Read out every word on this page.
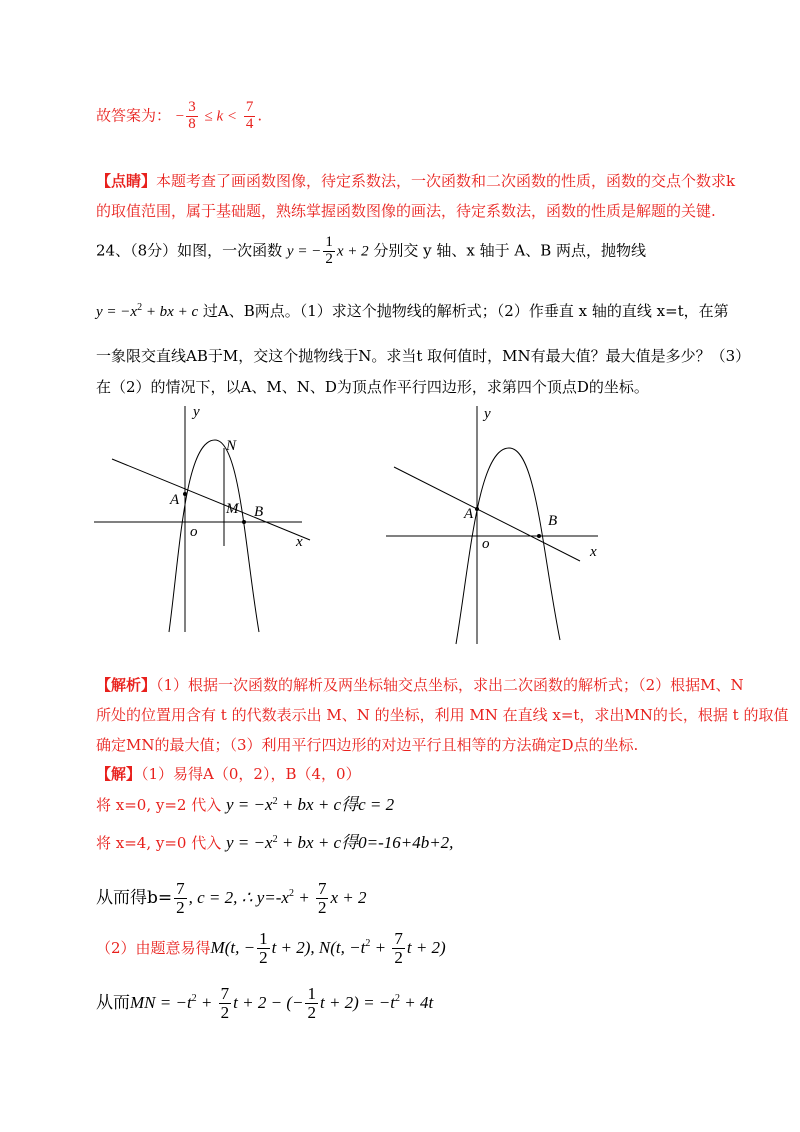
故答案为： − $\frac{3}{8} \le k < \frac{7}{4}$ .
【点睛】本题考查了画函数图像，待定系数法，一次函数和二次函数的性质，函数的交点个数求k
的取值范围，属于基础题，熟练掌握函数图像的画法，待定系数法，函数的性质是解题的关键.
24、（8分）如图，一次函数 y = − $\frac{1}{2}$ x + 2 分别交 y 轴、x 轴于 A、B 两点，抛物线
$y = -x^2$ + bx + c 过A、B两点。（1）求这个抛物线的解析式；（2）作垂直 x 轴的直线 x=t，在第
一象限交直线AB于M，交这个抛物线于N。求当t 取何值时，MN有最大值？最大值是多少？（3）
在（2）的情况下，以A、M、N、D为顶点作平行四边形，求第四个顶点D的坐标。
y
x
o
A
B
M
N
y
x
o
A	B
【解析】（1）根据一次函数的解析及两坐标轴交点坐标，求出二次函数的解析式；（2）根据M、N
所处的位置用含有 t 的代数表示出 M、N 的坐标，利用 MN 在直线 x=t，求出MN的长，根据 t 的取值
确定MN的最大值；（3）利用平行四边形的对边平行且相等的方法确定D点的坐标.
【解】（1）易得A（0，2），B（4，0）
将 x=0, y=2 代入 $y = -x^2$ + bx + c得c = 2
将 x=4, y=0 代入 $y = -x^2$ + bx + c得0=-16+4b+2,
从而得$b= \frac{7}{2}$ , c = 2, ∴ $y=-x^2 + \frac{7}{2}$ x + 2
（2）由题意易得M(t, − $\frac{1}{2}$ t + 2), N(t, $-t^2 + \frac{7}{2}$ t + 2)
从而MN = $-t^2 + \frac{7}{2}$ t + 2 − (− $\frac{1}{2}$ $t + 2) = -t^2 + 4t$
